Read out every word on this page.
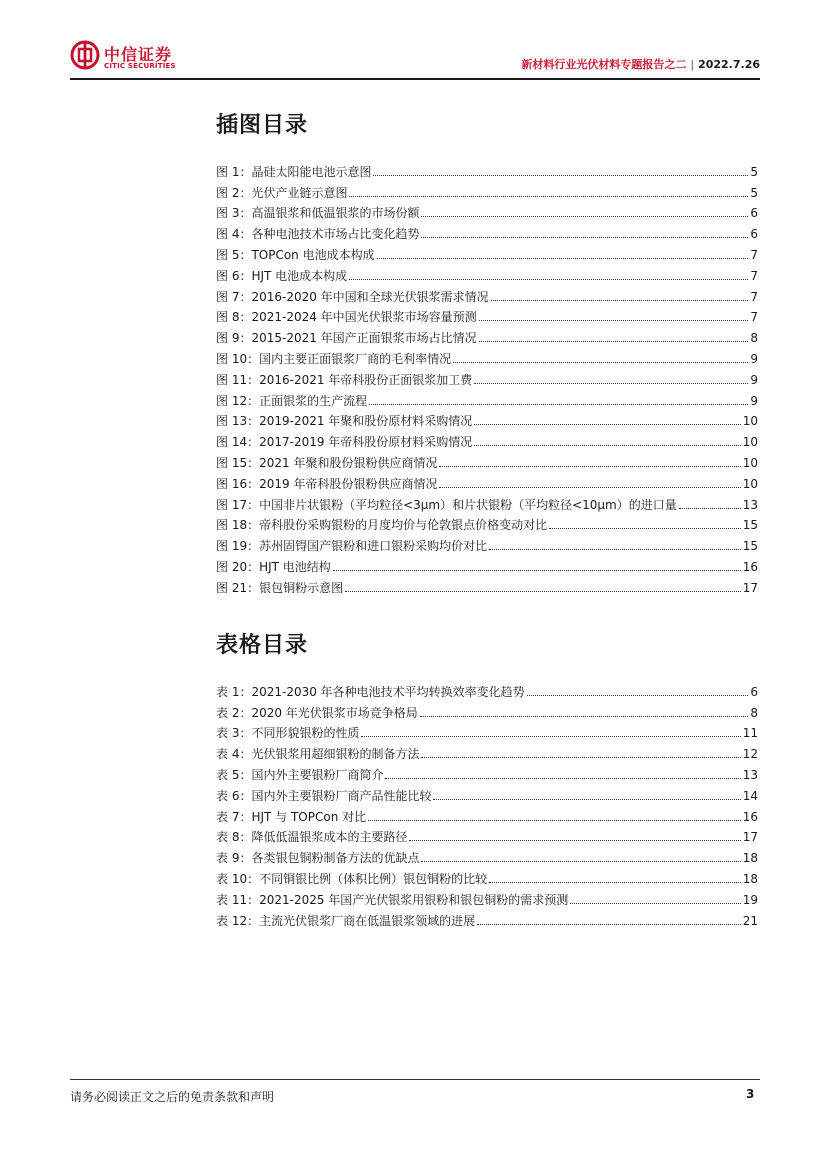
中信证券
CITIC SECURITIES	新材料行业光伏材料专题报告之二 | 2022.7.26
插图目录
图 1：晶硅太阳能电池示意图	5
图 2：光伏产业链示意图	5
图 3：高温银浆和低温银浆的市场份额	6
图 4：各种电池技术市场占比变化趋势	6
图 5：TOPCon 电池成本构成	7
图 6：HJT 电池成本构成	7
图 7：2016-2020 年中国和全球光伏银浆需求情况	7
图 8：2021-2024 年中国光伏银浆市场容量预测	7
图 9：2015-2021 年国产正面银浆市场占比情况	8
图 10：国内主要正面银浆厂商的毛利率情况	9
图 11：2016-2021 年帝科股份正面银浆加工费	9
图 12：正面银浆的生产流程	9
图 13：2019-2021 年聚和股份原材料采购情况	10
图 14：2017-2019 年帝科股份原材料采购情况	10
图 15：2021 年聚和股份银粉供应商情况	10
图 16：2019 年帝科股份银粉供应商情况	10
图 17：中国非片状银粉（平均粒径<3μm）和片状银粉（平均粒径<10μm）的进口量	13
图 18：帝科股份采购银粉的月度均价与伦敦银点价格变动对比	15
图 19：苏州固锝国产银粉和进口银粉采购均价对比	15
图 20：HJT 电池结构	16
图 21：银包铜粉示意图	17
表格目录
表 1：2021-2030 年各种电池技术平均转换效率变化趋势	6
表 2：2020 年光伏银浆市场竞争格局	8
表 3：不同形貌银粉的性质	11
表 4：光伏银浆用超细银粉的制备方法	12
表 5：国内外主要银粉厂商简介	13
表 6：国内外主要银粉厂商产品性能比较	14
表 7：HJT 与 TOPCon 对比	16
表 8：降低低温银浆成本的主要路径	17
表 9：各类银包铜粉制备方法的优缺点	18
表 10：不同铜银比例（体积比例）银包铜粉的比较	18
表 11：2021-2025 年国产光伏银浆用银粉和银包铜粉的需求预测	19
表 12：主流光伏银浆厂商在低温银浆领域的进展	21
请务必阅读正文之后的免责条款和声明	3
